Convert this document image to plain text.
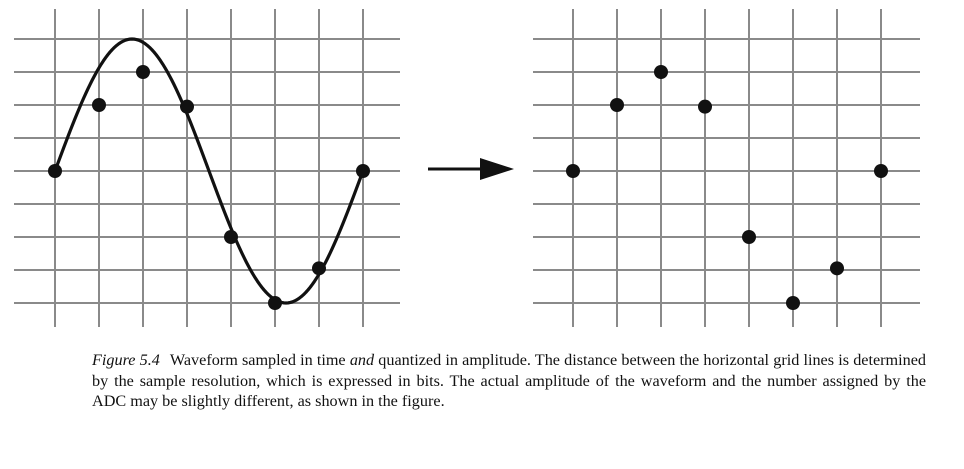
Figure 5.4 Waveform sampled in time and quantized in amplitude. The distance between the horizontal grid lines is determined by the sample resolution, which is expressed in bits. The actual amplitude of the waveform and the number assigned by the ADC may be slightly different, as shown in the figure.
